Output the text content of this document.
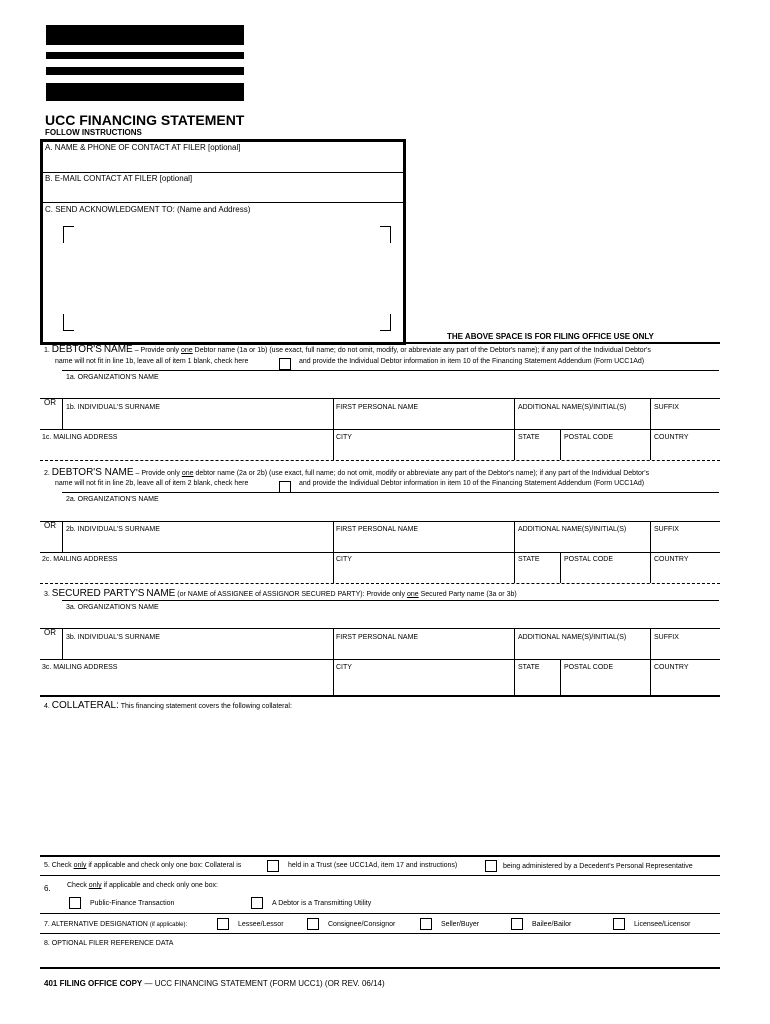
UCC FINANCING STATEMENT
FOLLOW INSTRUCTIONS
A. NAME & PHONE OF CONTACT AT FILER [optional]
B. E-MAIL CONTACT AT FILER [optional]
C. SEND ACKNOWLEDGMENT TO: (Name and Address)
THE ABOVE SPACE IS FOR FILING OFFICE USE ONLY
1. DEBTOR'S NAME – Provide only one Debtor name (1a or 1b) (use exact, full name; do not omit, modify, or abbreviate any part of the Debtor's name); if any part of the Individual Debtor's
name will not fit in line 1b, leave all of item 1 blank, check here	and provide the Individual Debtor information in item 10 of the Financing Statement Addendum (Form UCC1Ad)
1a. ORGANIZATION'S NAME
OR
1b. INDIVIDUAL'S SURNAME	FIRST PERSONAL NAME	ADDITIONAL NAME(S)/INITIAL(S)	SUFFIX
1c. MAILING ADDRESS	CITY	STATE	POSTAL CODE	COUNTRY
2. DEBTOR'S NAME – Provide only one debtor name (2a or 2b) (use exact, full name; do not omit, modify or abbreviate any part of the Debtor's name); if any part of the Individual Debtor's
name will not fit in line 2b, leave all of item 2 blank, check here	and provide the Individual Debtor information in item 10 of the Financing Statement Addendum (Form UCC1Ad)
2a. ORGANIZATION'S NAME
OR 2b. INDIVIDUAL'S SURNAME	FIRST PERSONAL NAME	ADDITIONAL NAME(S)/INITIAL(S)	SUFFIX
2c. MAILING ADDRESS	CITY	STATE	POSTAL CODE	COUNTRY
3. SECURED PARTY'S NAME (or NAME of ASSIGNEE of ASSIGNOR SECURED PARTY): Provide only one Secured Party name (3a or 3b)
3a. ORGANIZATION'S NAME
OR
3b. INDIVIDUAL'S SURNAME	FIRST PERSONAL NAME	ADDITIONAL NAME(S)/INITIAL(S)	SUFFIX
3c. MAILING ADDRESS	CITY	STATE	POSTAL CODE	COUNTRY
4. COLLATERAL: This financing statement covers the following collateral:
5. Check only if applicable and check only one box: Collateral is	held in a Trust (see UCC1Ad, item 17 and instructions)	being administered by a Decedent's Personal Representative
6. Check only if applicable and check only one box:
Public-Finance Transaction	A Debtor is a Transmitting Utility
7. ALTERNATIVE DESIGNATION (if applicable):	Lessee/Lessor	Consignee/Consignor	Seller/Buyer	Bailee/Bailor	Licensee/Licensor
8. OPTIONAL FILER REFERENCE DATA
401 FILING OFFICE COPY — UCC FINANCING STATEMENT (FORM UCC1) (OR REV. 06/14)
